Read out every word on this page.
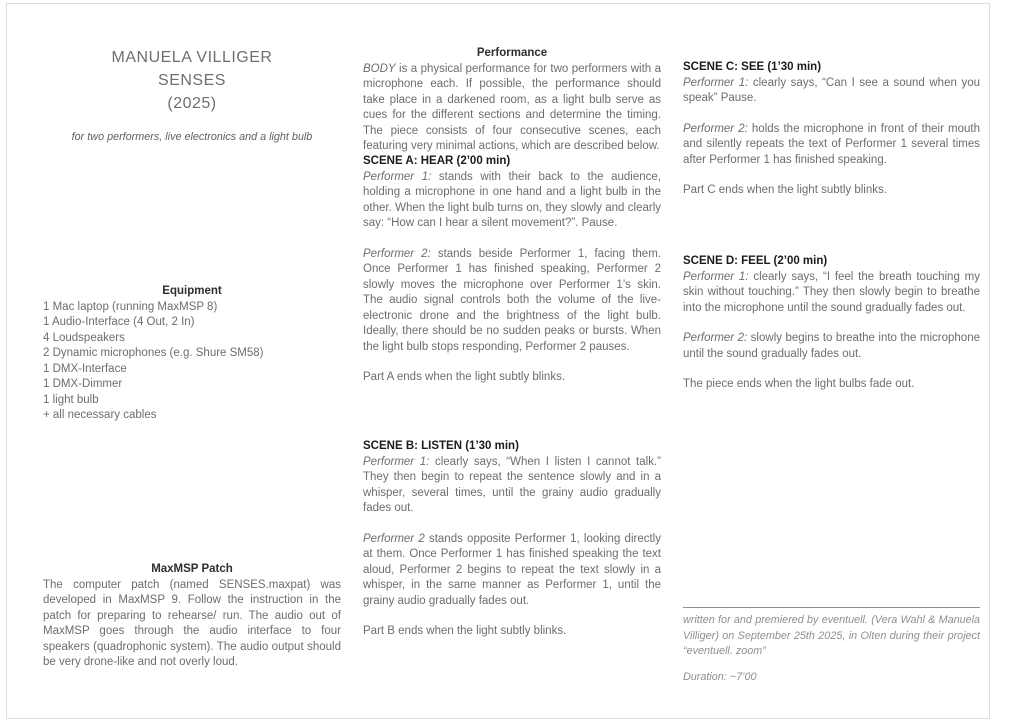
MANUELA VILLIGER
SENSES
(2025)
for two performers, live electronics and a light bulb
Equipment
1 Mac laptop (running MaxMSP 8)
1 Audio-Interface (4 Out, 2 In)
4 Loudspeakers
2 Dynamic microphones (e.g. Shure SM58)
1 DMX-Interface
1 DMX-Dimmer
1 light bulb
+ all necessary cables
MaxMSP Patch

The computer patch (named SENSES.maxpat) was developed in MaxMSP 9. Follow the instruction in the patch for preparing to rehearse/ run. The audio out of MaxMSP goes through the audio interface to four speakers (quadrophonic system). The audio output should be very drone-like and not overly loud.

Performance

BODY is a physical performance for two performers with a microphone each. If possible, the performance should take place in a darkened room, as a light bulb serve as cues for the different sections and determine the timing. The piece consists of four consecutive scenes, each featuring very minimal actions, which are described below.

SCENE A: HEAR (2’00 min)

Performer 1: stands with their back to the audience, holding a microphone in one hand and a light bulb in the other. When the light bulb turns on, they slowly and clearly say: “How can I hear a silent movement?”. Pause.

Performer 2: stands beside Performer 1, facing them. Once Performer 1 has finished speaking, Performer 2 slowly moves the microphone over Performer 1’s skin. The audio signal controls both the volume of the live-electronic drone and the brightness of the light bulb. Ideally, there should be no sudden peaks or bursts. When the light bulb stops responding, Performer 2 pauses.

Part A ends when the light subtly blinks.

SCENE B: LISTEN (1’30 min)

Performer 1: clearly says, “When I listen I cannot talk.” They then begin to repeat the sentence slowly and in a whisper, several times, until the grainy audio gradually fades out.

Performer 2 stands opposite Performer 1, looking directly at them. Once Performer 1 has finished speaking the text aloud, Performer 2 begins to repeat the text slowly in a whisper, in the same manner as Performer 1, until the grainy audio gradually fades out.

Part B ends when the light subtly blinks.

SCENE C: SEE (1’30 min)

Performer 1: clearly says, “Can I see a sound when you speak” Pause.

Performer 2: holds the microphone in front of their mouth and silently repeats the text of Performer 1 several times after Performer 1 has finished speaking.

Part C ends when the light subtly blinks.

SCENE D: FEEL (2’00 min)

Performer 1: clearly says, “I feel the breath touching my skin without touching.” They then slowly begin to breathe into the microphone until the sound gradually fades out.

Performer 2: slowly begins to breathe into the microphone until the sound gradually fades out.

The piece ends when the light bulbs fade out.

written for and premiered by eventuell. (Vera Wahl & Manuela Villiger) on September 25th 2025, in Olten during their project “eventuell. zoom”

Duration: ~7’00
